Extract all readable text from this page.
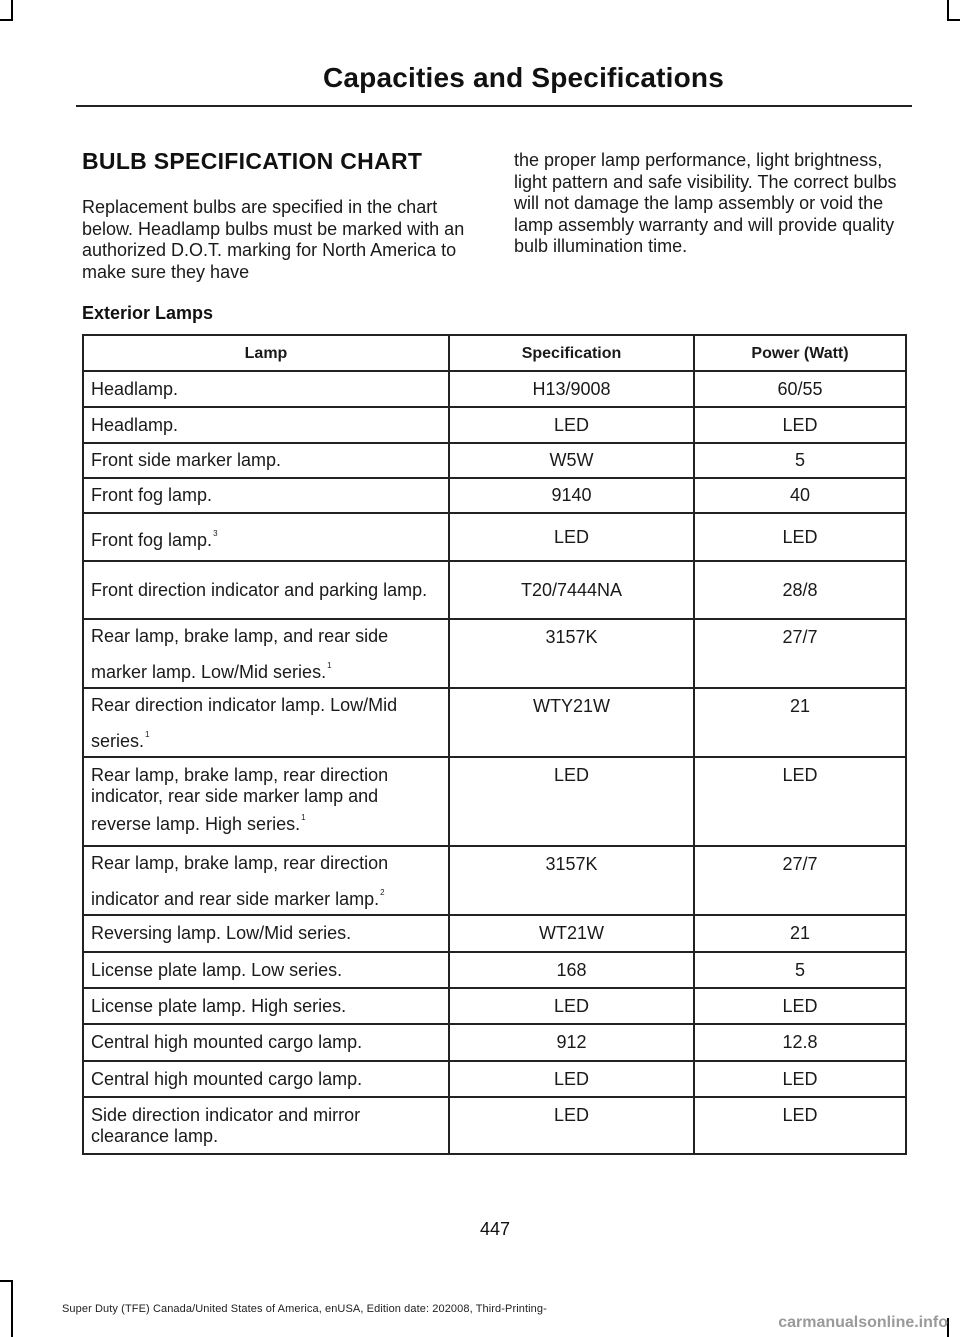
Capacities and Specifications
BULB SPECIFICATION CHART
Replacement bulbs are specified in the chart below. Headlamp bulbs must be marked with an authorized D.O.T. marking for North America to make sure they have
the proper lamp performance, light brightness, light pattern and safe visibility. The correct bulbs will not damage the lamp assembly or void the lamp assembly warranty and will provide quality bulb illumination time.
Exterior Lamps
Lamp	Specification	Power (Watt)
Headlamp.	H13/9008	60/55
Headlamp.	LED	LED
Front side marker lamp.	W5W	5
Front fog lamp.	9140	40
Front fog lamp.$^3$	LED	LED
Front direction indicator and parking lamp.	T20/7444NA	28/8
Rear lamp, brake lamp, and rear side marker lamp. Low/Mid series.$^1$	3157K	27/7
Rear direction indicator lamp. Low/Mid series.$^1$	WTY21W	21
Rear lamp, brake lamp, rear direction indicator, rear side marker lamp and reverse lamp. High series.$^1$	LED	LED
Rear lamp, brake lamp, rear direction indicator and rear side marker lamp.$^2$	3157K	27/7
Reversing lamp. Low/Mid series.	WT21W	21
License plate lamp. Low series.	168	5
License plate lamp. High series.	LED	LED
Central high mounted cargo lamp.	912	12.8
Central high mounted cargo lamp.	LED	LED
Side direction indicator and mirror clearance lamp.	LED	LED
447
Super Duty (TFE) Canada/United States of America, enUSA, Edition date: 202008, Third-Printing-
carmanualsonline.info
